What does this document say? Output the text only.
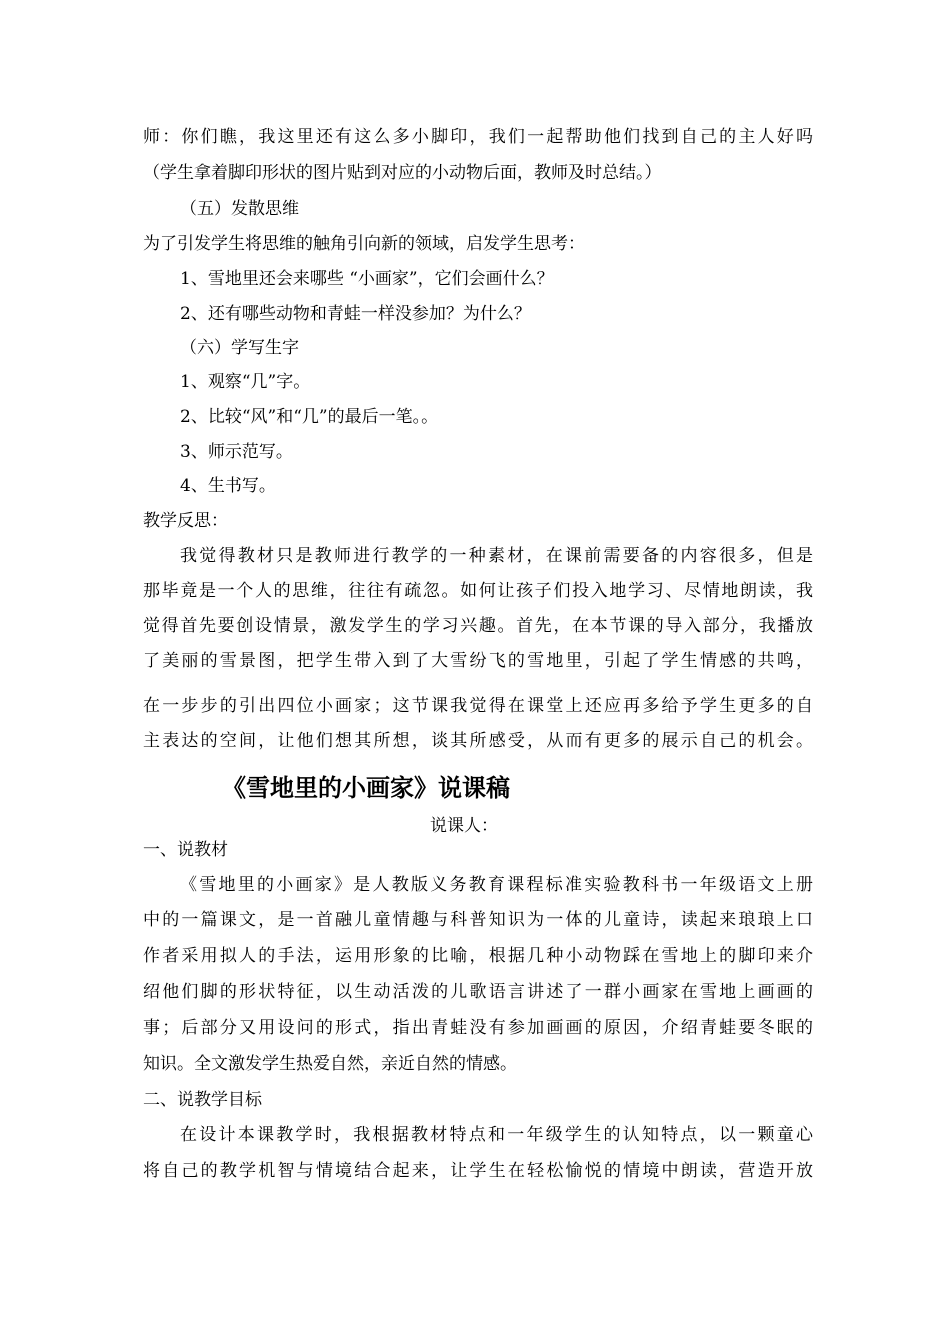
师：你们瞧，我这里还有这么多小脚印，我们一起帮助他们找到自己的主人好吗
（学生拿着脚印形状的图片贴到对应的小动物后面，教师及时总结。）
（五）发散思维
为了引发学生将思维的触角引向新的领域，启发学生思考：
1、雪地里还会来哪些 “小画家”，它们会画什么？
2、还有哪些动物和青蛙一样没参加？为什么？
（六）学写生字
1、观察“几”字。
2、比较“风”和“几”的最后一笔。。
3、师示范写。
4、生书写。
教学反思：
我觉得教材只是教师进行教学的一种素材，在课前需要备的内容很多，但是
那毕竟是一个人的思维，往往有疏忽。如何让孩子们投入地学习、尽情地朗读，我
觉得首先要创设情景，激发学生的学习兴趣。首先，在本节课的导入部分，我播放
了美丽的雪景图，把学生带入到了大雪纷飞的雪地里，引起了学生情感的共鸣，
在一步步的引出四位小画家；这节课我觉得在课堂上还应再多给予学生更多的自
主表达的空间，让他们想其所想，谈其所感受，从而有更多的展示自己的机会。
《雪地里的小画家》说课稿
说课人：
一、说教材
《雪地里的小画家》是人教版义务教育课程标准实验教科书一年级语文上册
中的一篇课文，是一首融儿童情趣与科普知识为一体的儿童诗，读起来琅琅上口
作者采用拟人的手法，运用形象的比喻，根据几种小动物踩在雪地上的脚印来介
绍他们脚的形状特征，以生动活泼的儿歌语言讲述了一群小画家在雪地上画画的
事；后部分又用设问的形式，指出青蛙没有参加画画的原因，介绍青蛙要冬眠的
知识。全文激发学生热爱自然，亲近自然的情感。
二、说教学目标
在设计本课教学时，我根据教材特点和一年级学生的认知特点，以一颗童心
将自己的教学机智与情境结合起来，让学生在轻松愉悦的情境中朗读，营造开放
